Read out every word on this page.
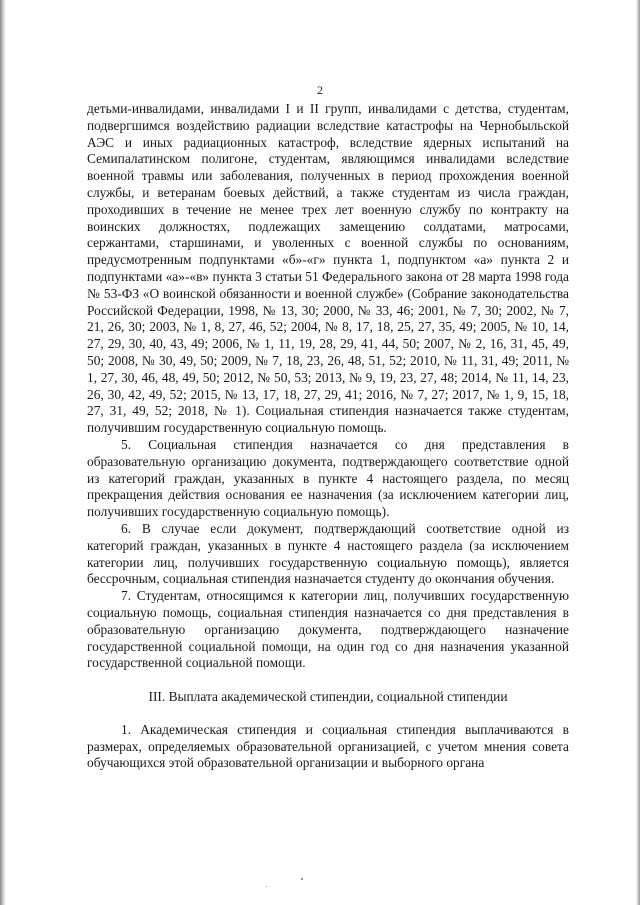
2

детьми-инвалидами, инвалидами I и II групп, инвалидами с детства, студентам, подвергшимся воздействию радиации вследствие катастрофы на Чернобыльской АЭС и иных радиационных катастроф, вследствие ядерных испытаний на Семипалатинском полигоне, студентам, являющимся инвалидами вследствие военной травмы или заболевания, полученных в период прохождения военной службы, и ветеранам боевых действий, а также студентам из числа граждан, проходивших в течение не менее трех лет военную службу по контракту на воинских должностях, подлежащих замещению солдатами, матросами, сержантами, старшинами, и уволенных с военной службы по основаниям, предусмотренным подпунктами «б»-«г» пункта 1, подпунктом «а» пункта 2 и подпунктами «а»-«в» пункта 3 статьи 51 Федерального закона от 28 марта 1998 года № 53-ФЗ «О воинской обязанности и военной службе» (Собрание законодательства Российской Федерации, 1998, № 13, 30; 2000, № 33, 46; 2001, № 7, 30; 2002, № 7, 21, 26, 30; 2003, № 1, 8, 27, 46, 52; 2004, № 8, 17, 18, 25, 27, 35, 49; 2005, № 10, 14, 27, 29, 30, 40, 43, 49; 2006, № 1, 11, 19, 28, 29, 41, 44, 50; 2007, № 2, 16, 31, 45, 49, 50; 2008, № 30, 49, 50; 2009, № 7, 18, 23, 26, 48, 51, 52; 2010, № 11, 31, 49; 2011, № 1, 27, 30, 46, 48, 49, 50; 2012, № 50, 53; 2013, № 9, 19, 23, 27, 48; 2014, № 11, 14, 23, 26, 30, 42, 49, 52; 2015, № 13, 17, 18, 27, 29, 41; 2016, № 7, 27; 2017, № 1, 9, 15, 18, 27, 31, 49, 52; 2018, № 1). Социальная стипендия назначается также студентам, получившим государственную социальную помощь.

5. Социальная стипендия назначается со дня представления в образовательную организацию документа, подтверждающего соответствие одной из категорий граждан, указанных в пункте 4 настоящего раздела, по месяц прекращения действия основания ее назначения (за исключением категории лиц, получивших государственную социальную помощь).

6. В случае если документ, подтверждающий соответствие одной из категорий граждан, указанных в пункте 4 настоящего раздела (за исключением категории лиц, получивших государственную социальную помощь), является бессрочным, социальная стипендия назначается студенту до окончания обучения.

7. Студентам, относящимся к категории лиц, получивших государственную социальную помощь, социальная стипендия назначается со дня представления в образовательную организацию документа, подтверждающего назначение государственной социальной помощи, на один год со дня назначения указанной государственной социальной помощи.

III. Выплата академической стипендии, социальной стипендии

1. Академическая стипендия и социальная стипендия выплачиваются в размерах, определяемых образовательной организацией, с учетом мнения совета обучающихся этой образовательной организации и выборного органа
